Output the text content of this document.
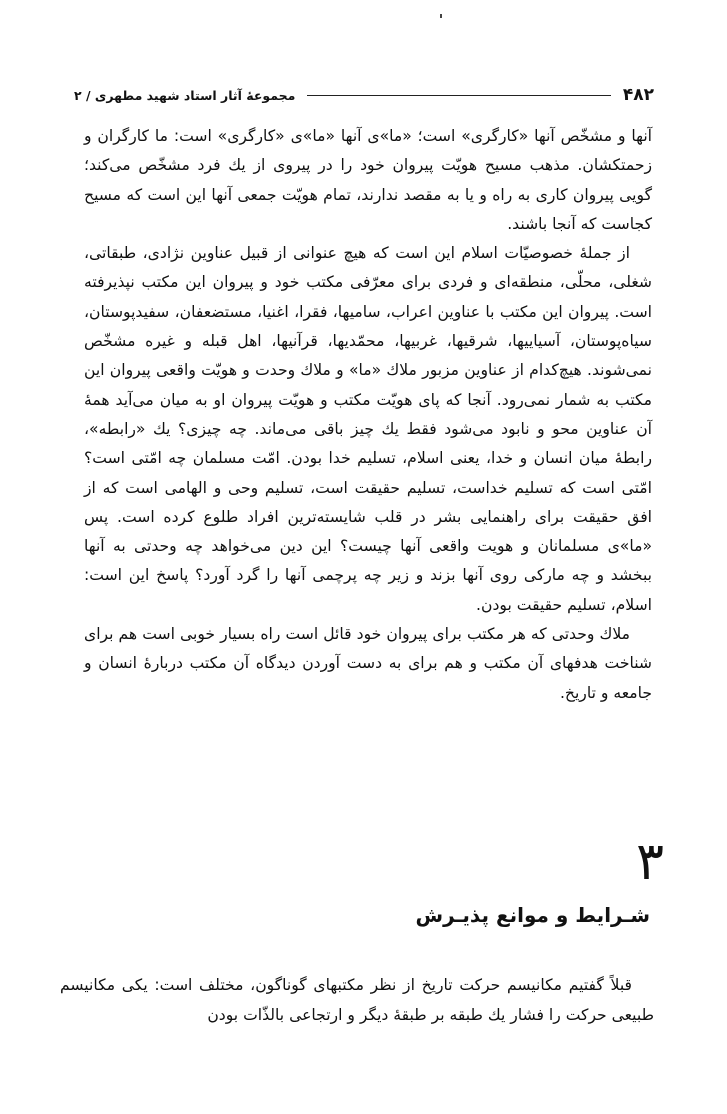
۴۸۲
مجموعهٔ آثار استاد شهید مطهری / ۲

آنها و مشخّص آنها «کارگری» است؛ «ما»ی آنها «ما»ی «کارگری» است: ما کارگران و زحمتکشان. مذهب مسیح هویّت پیروان خود را در پیروی از یك فرد مشخّص می‌کند؛ گویی پیروان کاری به راه و یا به مقصد ندارند، تمام هویّت جمعی آنها این است که مسیح کجاست که آنجا باشند.

از جملهٔ خصوصیّات اسلام این است که هیچ عنوانی از قبیل عناوین نژادی، طبقاتی، شغلی، محلّی، منطقه‌ای و فردی برای معرّفی مکتب خود و پیروان این مکتب نپذیرفته است. پیروان این مکتب با عناوین اعراب، سامیها، فقرا، اغنیا، مستضعفان، سفیدپوستان، سیاه‌پوستان، آسیاییها، شرقیها، غربیها، محمّدیها، قرآنیها، اهل قبله و غیره مشخّص نمی‌شوند. هیچ‌کدام از عناوین مزبور ملاك «ما» و ملاك وحدت و هویّت واقعی پیروان این مکتب به شمار نمی‌رود. آنجا که پای هویّت مکتب و هویّت پیروان او به میان می‌آید همهٔ آن عناوین محو و نابود می‌شود فقط یك چیز باقی می‌ماند. چه چیزی؟ یك «رابطه»، رابطهٔ میان انسان و خدا، یعنی اسلام، تسلیم خدا بودن. امّت مسلمان چه امّتی است؟ امّتی است که تسلیم خداست، تسلیم حقیقت است، تسلیم وحی و الهامی است که از افق حقیقت برای راهنمایی بشر در قلب شایسته‌ترین افراد طلوع کرده است. پس «ما»ی مسلمانان و هویت واقعی آنها چیست؟ این دین می‌خواهد چه وحدتی به آنها ببخشد و چه مارکی روی آنها بزند و زیر چه پرچمی آنها را گرد آورد؟ پاسخ این است: اسلام، تسلیم حقیقت بودن.

ملاك وحدتی که هر مکتب برای پیروان خود قائل است راه بسیار خوبی است هم برای شناخت هدفهای آن مکتب و هم برای به دست آوردن دیدگاه آن مکتب دربارهٔ انسان و جامعه و تاریخ.

۳
شـرایط و موانع پذیـرش

قبلاً گفتیم مکانیسم حرکت تاریخ از نظر مکتبهای گوناگون، مختلف است: یکی مکانیسم طبیعی حرکت را فشار یك طبقه بر طبقهٔ دیگر و ارتجاعی بالذّات بودن
